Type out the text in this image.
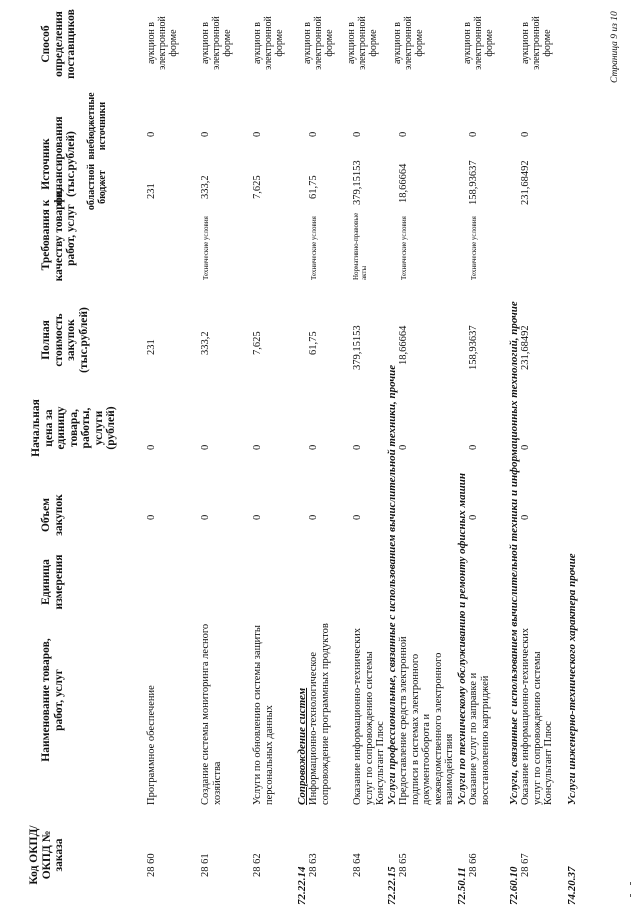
Код ОКПД/ ОКПД № заказа
Наименование товаров, работ, услуг
Единица измерения
Объем закупок
Начальная цена за единицу товара, работы, услуги (рублей)
Полная стоимость закупок (тыс.рублей)
Требования к качеству товаров, работ, услуг
Источник финансирования (тыс.рублей) областной бюджет
внебюджетные источники
Способ определения поставщиков
28 60
Программное обеспечение
0
0
231
231
0
аукцион в электронной форме
28 61
Создание системы мониторинга лесного хозяйства
0
0
333,2
Технические условия
333,2
0
аукцион в электронной форме
28 62
Услуги по обновлению системы защиты персональных данных
0
0
7,625
7,625
0
аукцион в электронной форме
72.22.14
Сопровождение систем
28 63
Информационно-технологическое сопровождение программных продуктов
0
0
61,75
Технические условия
61,75
0
аукцион в электронной форме
28 64
Оказание информационно-технических услуг по сопровождению системы Консультант Плюс
0
0
379,15153
Нормативно-правовые акты
379,15153
0
аукцион в электронной форме
72.22.15
Услуги профессиональные, связанные с использованием вычислительной техники, прочие
28 65
Предоставление средств электронной подписи в системах электронного документооборота и межведомственного электронного взаимодействия
0
18,66664
Технические условия
18,66664
0
аукцион в электронной форме
72.50.11
Услуги по техническому обслуживанию и ремонту офисных машин
28 66
Оказание услуг по заправке и восстановлению картриджей
0
0
158,93637
Технические условия
158,93637
0
аукцион в электронной форме
72.60.10
Услуги, связанные с использованием вычислительной техники и информационных технологий, прочие
28 67
Оказание информационно-технических услуг по сопровождению системы Консультант Плюс
0
0
231,68492
231,68492
0
аукцион в электронной форме
74.20.37
Услуги инженерно-технического характера прочие
Страница 9 из 10
